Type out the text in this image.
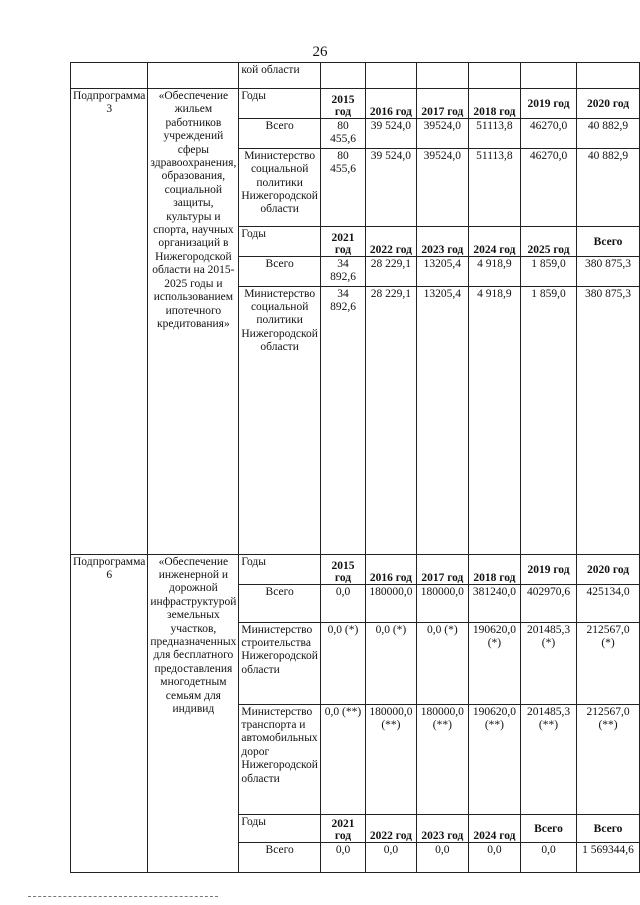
26
		кой области						
Подпрограмма 3	«Обеспечение жильем работников учреждений сферы здравоохранения, образования, социальной защиты, культуры и спорта, научных организаций в Нижегородской области на 2015-2025 годы и использованием ипотечного кредитования»	Годы	2015 год	2016 год	2017 год	2018 год	2019 год	2020 год
		Всего	80 455,6	39 524,0	39524,0	51113,8	46270,0	40 882,9
		Министерство социальной политики Нижегородской области	80 455,6	39 524,0	39524,0	51113,8	46270,0	40 882,9
		Годы	2021 год	2022 год	2023 год	2024 год	2025 год	Всего
		Всего	34 892,6	28 229,1	13205,4	4 918,9	1 859,0	380 875,3
		Министерство социальной политики Нижегородской области	34 892,6	28 229,1	13205,4	4 918,9	1 859,0	380 875,3
Подпрограмма 6	«Обеспечение инженерной и дорожной инфраструктурой земельных участков, предназначенных для бесплатного предоставления многодетным семьям для индивид	Годы	2015 год	2016 год	2017 год	2018 год	2019 год	2020 год
		Всего	0,0	180000,0	180000,0	381240,0	402970,6	425134,0
		Министерство строительства Нижегородской области	0,0 (*)	0,0 (*)	0,0 (*)	190620,0 (*)	201485,3 (*)	212567,0 (*)
		Министерство транспорта и автомобильных дорог Нижегородской области	0,0 (**)	180000,0 (**)	180000,0 (**)	190620,0 (**)	201485,3 (**)	212567,0 (**)
		Годы	2021 год	2022 год	2023 год	2024 год	Всего	Всего
		Всего	0,0	0,0	0,0	0,0	0,0	1 569344,6
